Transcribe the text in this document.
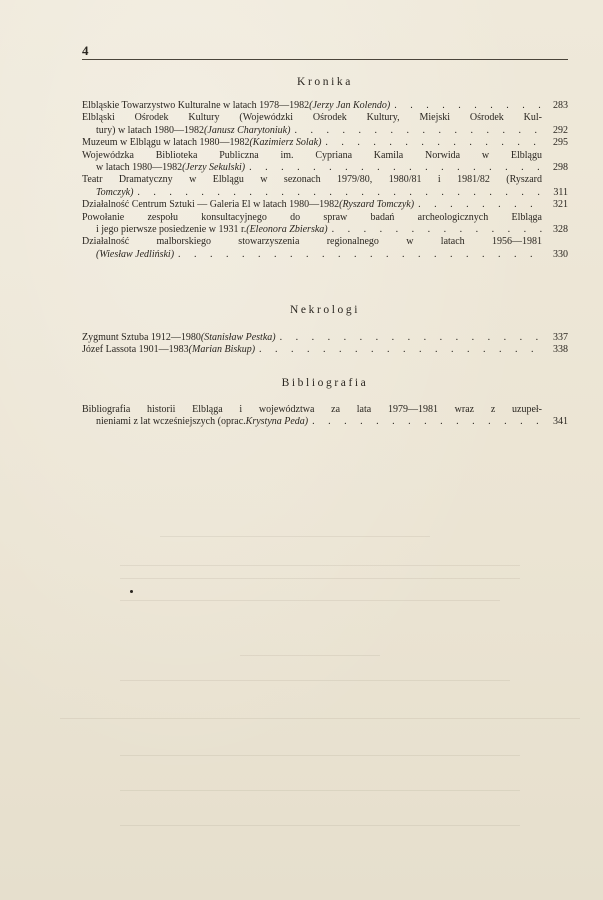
4
Kronika
Elbląskie Towarzystwo Kulturalne w latach 1978—1982 (Jerzy Jan Kolendo) . . .	283
Elbląski Ośrodek Kultury (Wojewódzki Ośrodek Kultury, Miejski Ośrodek Kul-
tury) w latach 1980—1982 (Janusz Charytoniuk) . . .	292
Muzeum w Elblągu w latach 1980—1982 (Kazimierz Solak) . . .	295
Wojewódzka Biblioteka Publiczna im. Cypriana Kamila Norwida w Elblągu
w latach 1980—1982 (Jerzy Sekulski) . . .	298
Teatr Dramatyczny w Elblągu w sezonach 1979/80, 1980/81 i 1981/82 (Ryszard
Tomczyk) . . .	311
Działalność Centrum Sztuki — Galeria El w latach 1980—1982 (Ryszard Tomczyk) . . .	321
Powołanie zespołu konsultacyjnego do spraw badań archeologicznych Elbląga
i jego pierwsze posiedzenie w 1931 r. (Eleonora Zbierska) . . .	328
Działalność malborskiego stowarzyszenia regionalnego w latach 1956—1981
(Wiesław Jedliński) . . .	330
Nekrologi
Zygmunt Sztuba 1912—1980 (Stanisław Pestka) . . .	337
Józef Lassota 1901—1983 (Marian Biskup) . . .	338
Bibliografia
Bibliografia historii Elbląga i województwa za lata 1979—1981 wraz z uzupeł-
nieniami z lat wcześniejszych (oprac. Krystyna Peda) . . .	341
